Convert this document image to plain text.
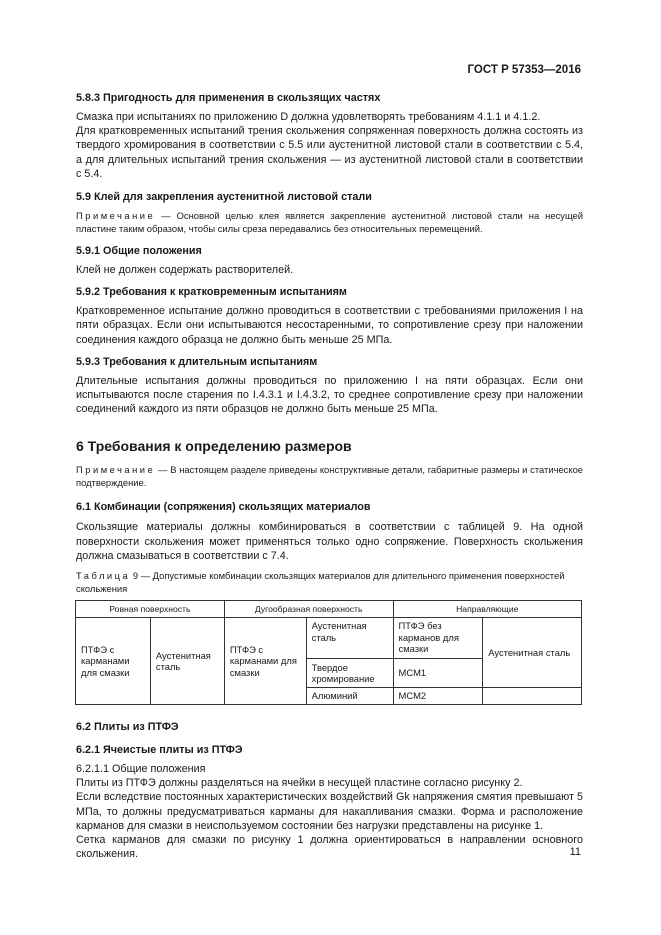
ГОСТ Р 57353—2016
5.8.3 Пригодность для применения в скользящих частях

Смазка при испытаниях по приложению D должна удовлетворять требованиям 4.1.1 и 4.1.2.

Для кратковременных испытаний трения скольжения сопряженная поверхность должна состоять из твердого хромирования в соответствии с 5.5 или аустенитной листовой стали в соответствии с 5.4, а для длительных испытаний трения скольжения — из аустенитной листовой стали в соответствии с 5.4.

5.9 Клей для закрепления аустенитной листовой стали

Примечание — Основной целью клея является закрепление аустенитной листовой стали на несущей пластине таким образом, чтобы силы среза передавались без относительных перемещений.

5.9.1 Общие положения

Клей не должен содержать растворителей.

5.9.2 Требования к кратковременным испытаниям

Кратковременное испытание должно проводиться в соответствии с требованиями приложения I на пяти образцах. Если они испытываются несостаренными, то сопротивление срезу при наложении соединения каждого образца не должно быть меньше 25 МПа.

5.9.3 Требования к длительным испытаниям

Длительные испытания должны проводиться по приложению I на пяти образцах. Если они испытываются после старения по I.4.3.1 и I.4.3.2, то среднее сопротивление срезу при наложении соединений каждого из пяти образцов не должно быть меньше 25 МПа.

6 Требования к определению размеров

Примечание — В настоящем разделе приведены конструктивные детали, габаритные размеры и статическое подтверждение.

6.1 Комбинации (сопряжения) скользящих материалов

Скользящие материалы должны комбинироваться в соответствии с таблицей 9. На одной поверхности скольжения может применяться только одно сопряжение. Поверхность скольжения должна смазываться в соответствии с 7.4.

Таблица 9 — Допустимые комбинации скользящих материалов для длительного применения поверхностей скольжения

Ровная поверхность		Дугообразная поверхность		Направляющие	
ПТФЭ с карманами для смазки	Аустенитная сталь	ПТФЭ с карманами для смазки	Аустенитная сталь	ПТФЭ без карманов для смазки	Аустенитная сталь
			Твердое хромирование	MCM1	
			Алюминий	MCM2	
6.2 Плиты из ПТФЭ
6.2.1 Ячеистые плиты из ПТФЭ

6.2.1.1 Общие положения

Плиты из ПТФЭ должны разделяться на ячейки в несущей пластине согласно рисунку 2.

Если вследствие постоянных характеристических воздействий Gk напряжения смятия превышают 5 МПа, то должны предусматриваться карманы для накапливания смазки. Форма и расположение карманов для смазки в неиспользуемом состоянии без нагрузки представлены на рисунке 1.

Сетка карманов для смазки по рисунку 1 должна ориентироваться в направлении основного скольжения.	11
